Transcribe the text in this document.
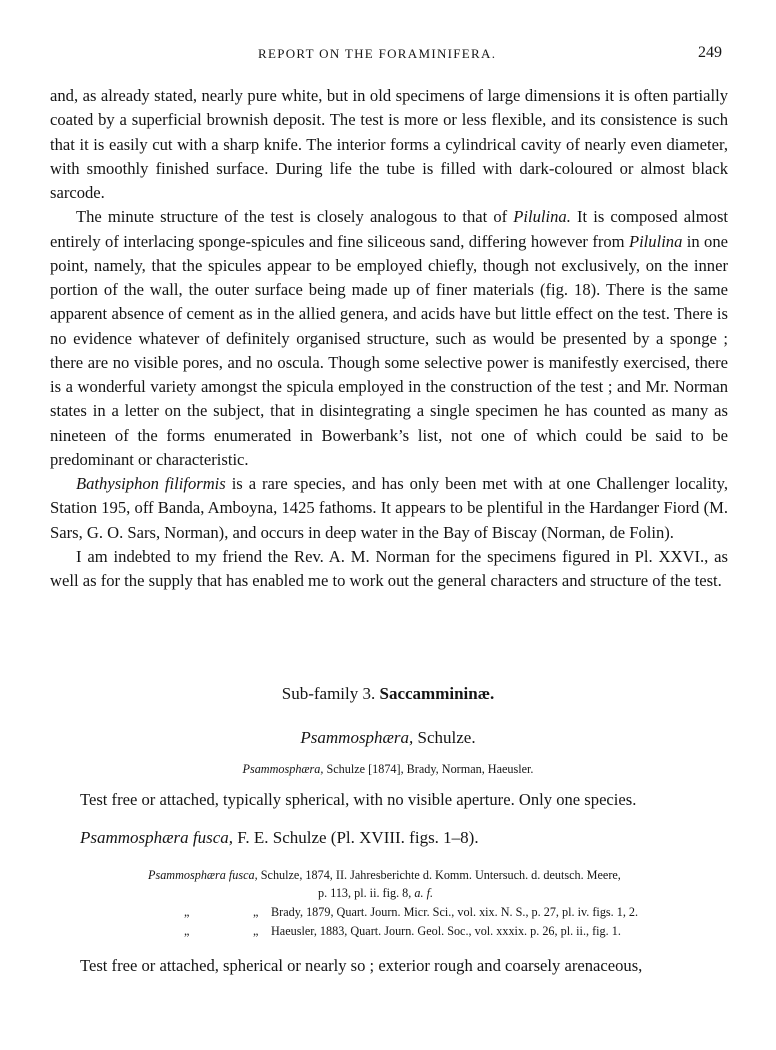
REPORT ON THE FORAMINIFERA.	249

and, as already stated, nearly pure white, but in old specimens of large dimensions it is often partially coated by a superficial brownish deposit. The test is more or less flexible, and its consistence is such that it is easily cut with a sharp knife. The interior forms a cylindrical cavity of nearly even diameter, with smoothly finished surface. During life the tube is filled with dark-coloured or almost black sarcode.

The minute structure of the test is closely analogous to that of Pilulina. It is composed almost entirely of interlacing sponge-spicules and fine siliceous sand, differing however from Pilulina in one point, namely, that the spicules appear to be employed chiefly, though not exclusively, on the inner portion of the wall, the outer surface being made up of finer materials (fig. 18). There is the same apparent absence of cement as in the allied genera, and acids have but little effect on the test. There is no evidence whatever of definitely organised structure, such as would be presented by a sponge ; there are no visible pores, and no oscula. Though some selective power is manifestly exercised, there is a wonderful variety amongst the spicula employed in the construction of the test ; and Mr. Norman states in a letter on the subject, that in disintegrating a single specimen he has counted as many as nineteen of the forms enumerated in Bowerbank’s list, not one of which could be said to be predominant or characteristic.

Bathysiphon filiformis is a rare species, and has only been met with at one Challenger locality, Station 195, off Banda, Amboyna, 1425 fathoms. It appears to be plentiful in the Hardanger Fiord (M. Sars, G. O. Sars, Norman), and occurs in deep water in the Bay of Biscay (Norman, de Folin).

I am indebted to my friend the Rev. A. M. Norman for the specimens figured in Pl. XXVI., as well as for the supply that has enabled me to work out the general characters and structure of the test.

Sub-family 3. Saccammininæ.
Psammosphæra, Schulze.
Psammosphæra, Schulze [1874], Brady, Norman, Haeusler.
Test free or attached, typically spherical, with no visible aperture. Only one species.
Psammosphæra fusca, F. E. Schulze (Pl. XVIII. figs. 1–8).
Psammosphæra fusca, Schulze, 1874, II. Jahresberichte d. Komm. Untersuch. d. deutsch. Meere,
p. 113, pl. ii. fig. 8, a. f.
„	„ Brady, 1879, Quart. Journ. Micr. Sci., vol. xix. N. S., p. 27, pl. iv. figs. 1, 2.
„	„ Haeusler, 1883, Quart. Journ. Geol. Soc., vol. xxxix. p. 26, pl. ii., fig. 1.
Test free or attached, spherical or nearly so ; exterior rough and coarsely arenaceous,
